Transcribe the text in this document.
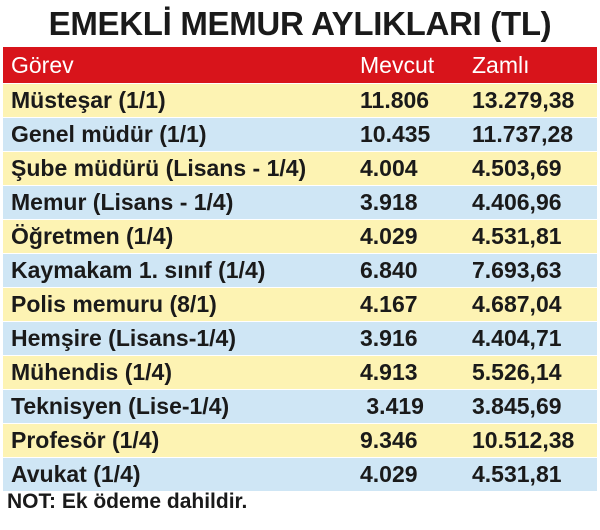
EMEKLİ MEMUR AYLIKLARI (TL)
Görev	Mevcut	Zamlı
Müsteşar (1/1)	11.806	13.279,38
Genel müdür (1/1)	10.435	11.737,28
Şube müdürü (Lisans - 1/4)	4.004	4.503,69
Memur (Lisans - 1/4)	3.918	4.406,96
Öğretmen (1/4)	4.029	4.531,81
Kaymakam 1. sınıf (1/4)	6.840	7.693,63
Polis memuru (8/1)	4.167	4.687,04
Hemşire (Lisans-1/4)	3.916	4.404,71
Mühendis (1/4)	4.913	5.526,14
Teknisyen (Lise-1/4)	3.419	3.845,69
Profesör (1/4)	9.346	10.512,38
Avukat (1/4)	4.029	4.531,81
NOT: Ek ödeme dahildir.
